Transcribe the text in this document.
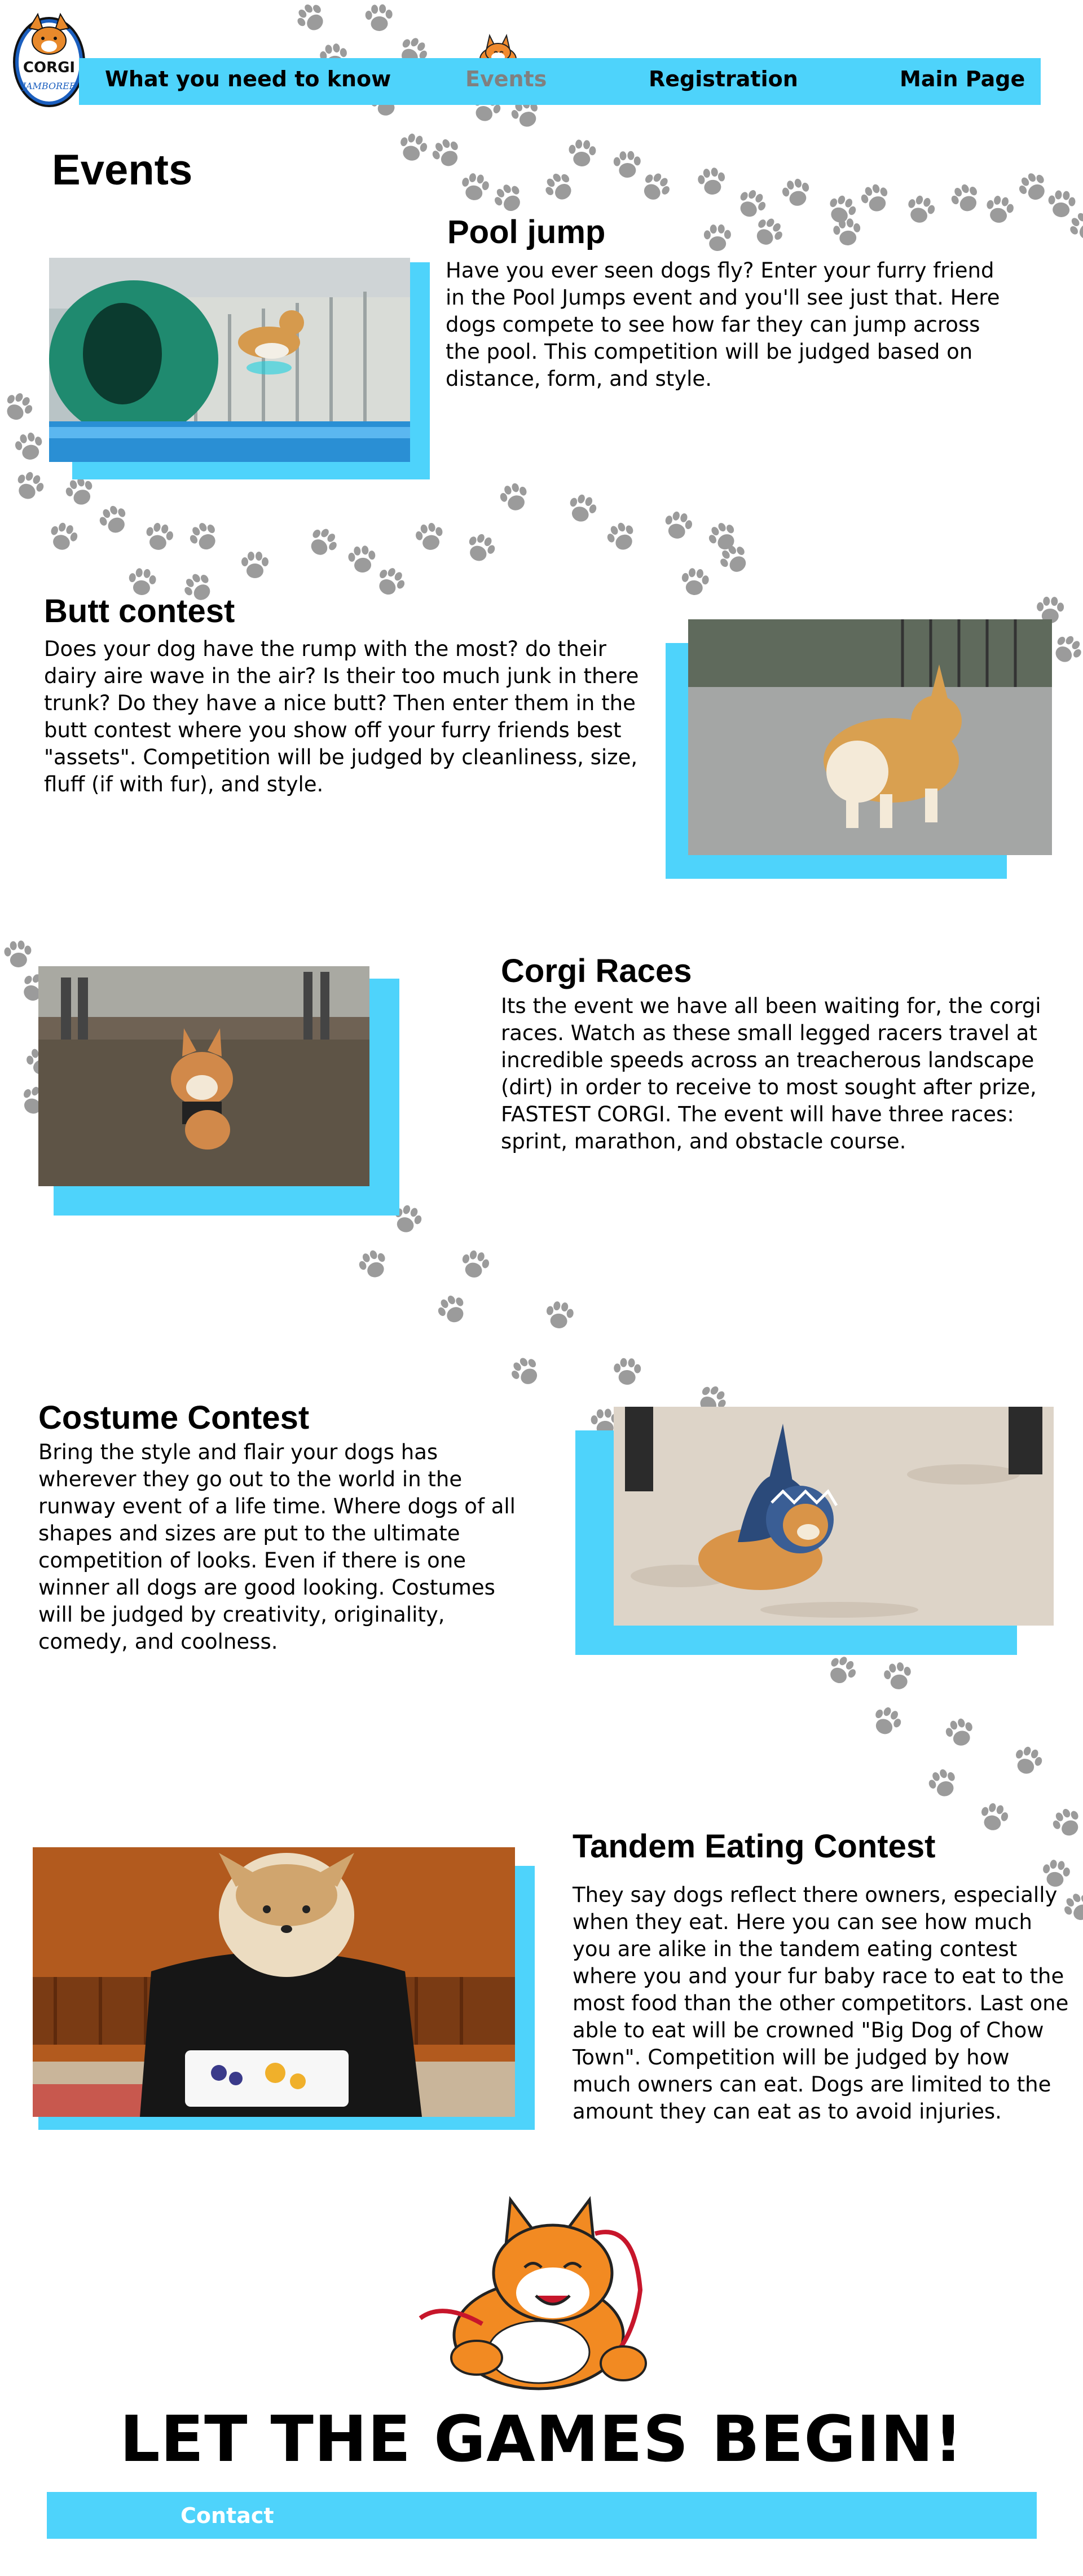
CORGI
JAMBOREE What you need to know	Events	Registration	Main Page
Events
Pool jump

Have you ever seen dogs fly? Enter your furry friend in the Pool Jumps event and you'll see just that. Here dogs compete to see how far they can jump across the pool. This competition will be judged based on distance, form, and style.

Butt contest

Does your dog have the rump with the most? do their dairy aire wave in the air? Is their too much junk in there trunk? Do they have a nice butt? Then enter them in the butt contest where you show off your furry friends best "assets". Competition will be judged by cleanliness, size, fluff (if with fur), and style.

Corgi Races

Its the event we have all been waiting for, the corgi races. Watch as these small legged racers travel at incredible speeds across an treacherous landscape (dirt) in order to receive to most sought after prize, FASTEST CORGI. The event will have three races: sprint, marathon, and obstacle course.

Costume Contest

Bring the style and flair your dogs has wherever they go out to the world in the runway event of a life time. Where dogs of all shapes and sizes are put to the ultimate competition of looks. Even if there is one winner all dogs are good looking. Costumes will be judged by creativity, originality, comedy, and coolness.

Tandem Eating Contest

They say dogs reflect there owners, especially when they eat. Here you can see how much you are alike in the tandem eating contest where you and your fur baby race to eat to the most food than the other competitors. Last one able to eat will be crowned "Big Dog of Chow Town". Competition will be judged by how much owners can eat. Dogs are limited to the amount they can eat as to avoid injuries.

LET THE GAMES BEGIN!
Contact
